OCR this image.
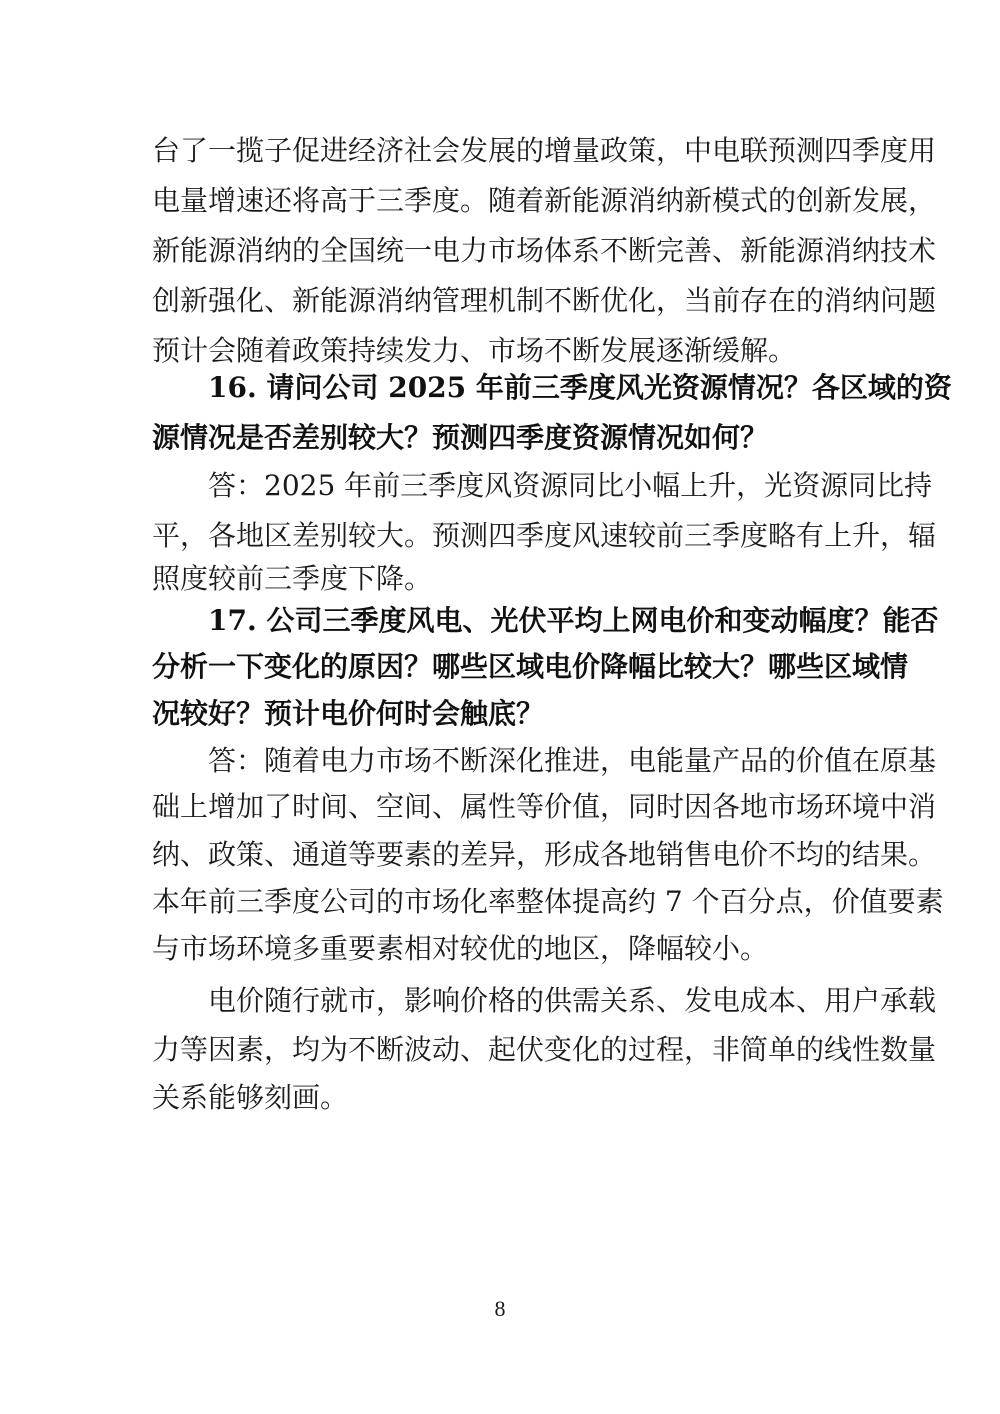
台了一揽子促进经济社会发展的增量政策，中电联预测四季度用
电量增速还将高于三季度。随着新能源消纳新模式的创新发展，
新能源消纳的全国统一电力市场体系不断完善、新能源消纳技术
创新强化、新能源消纳管理机制不断优化，当前存在的消纳问题
预计会随着政策持续发力、市场不断发展逐渐缓解。
16. 请问公司 2025 年前三季度风光资源情况？各区域的资
源情况是否差别较大？预测四季度资源情况如何？
答：2025 年前三季度风资源同比小幅上升，光资源同比持
平，各地区差别较大。预测四季度风速较前三季度略有上升，辐
照度较前三季度下降。
17. 公司三季度风电、光伏平均上网电价和变动幅度？能否
分析一下变化的原因？哪些区域电价降幅比较大？哪些区域情
况较好？预计电价何时会触底？
答：随着电力市场不断深化推进，电能量产品的价值在原基
础上增加了时间、空间、属性等价值，同时因各地市场环境中消
纳、政策、通道等要素的差异，形成各地销售电价不均的结果。
本年前三季度公司的市场化率整体提高约 7 个百分点，价值要素
与市场环境多重要素相对较优的地区，降幅较小。
电价随行就市，影响价格的供需关系、发电成本、用户承载
力等因素，均为不断波动、起伏变化的过程，非简单的线性数量
关系能够刻画。
8
